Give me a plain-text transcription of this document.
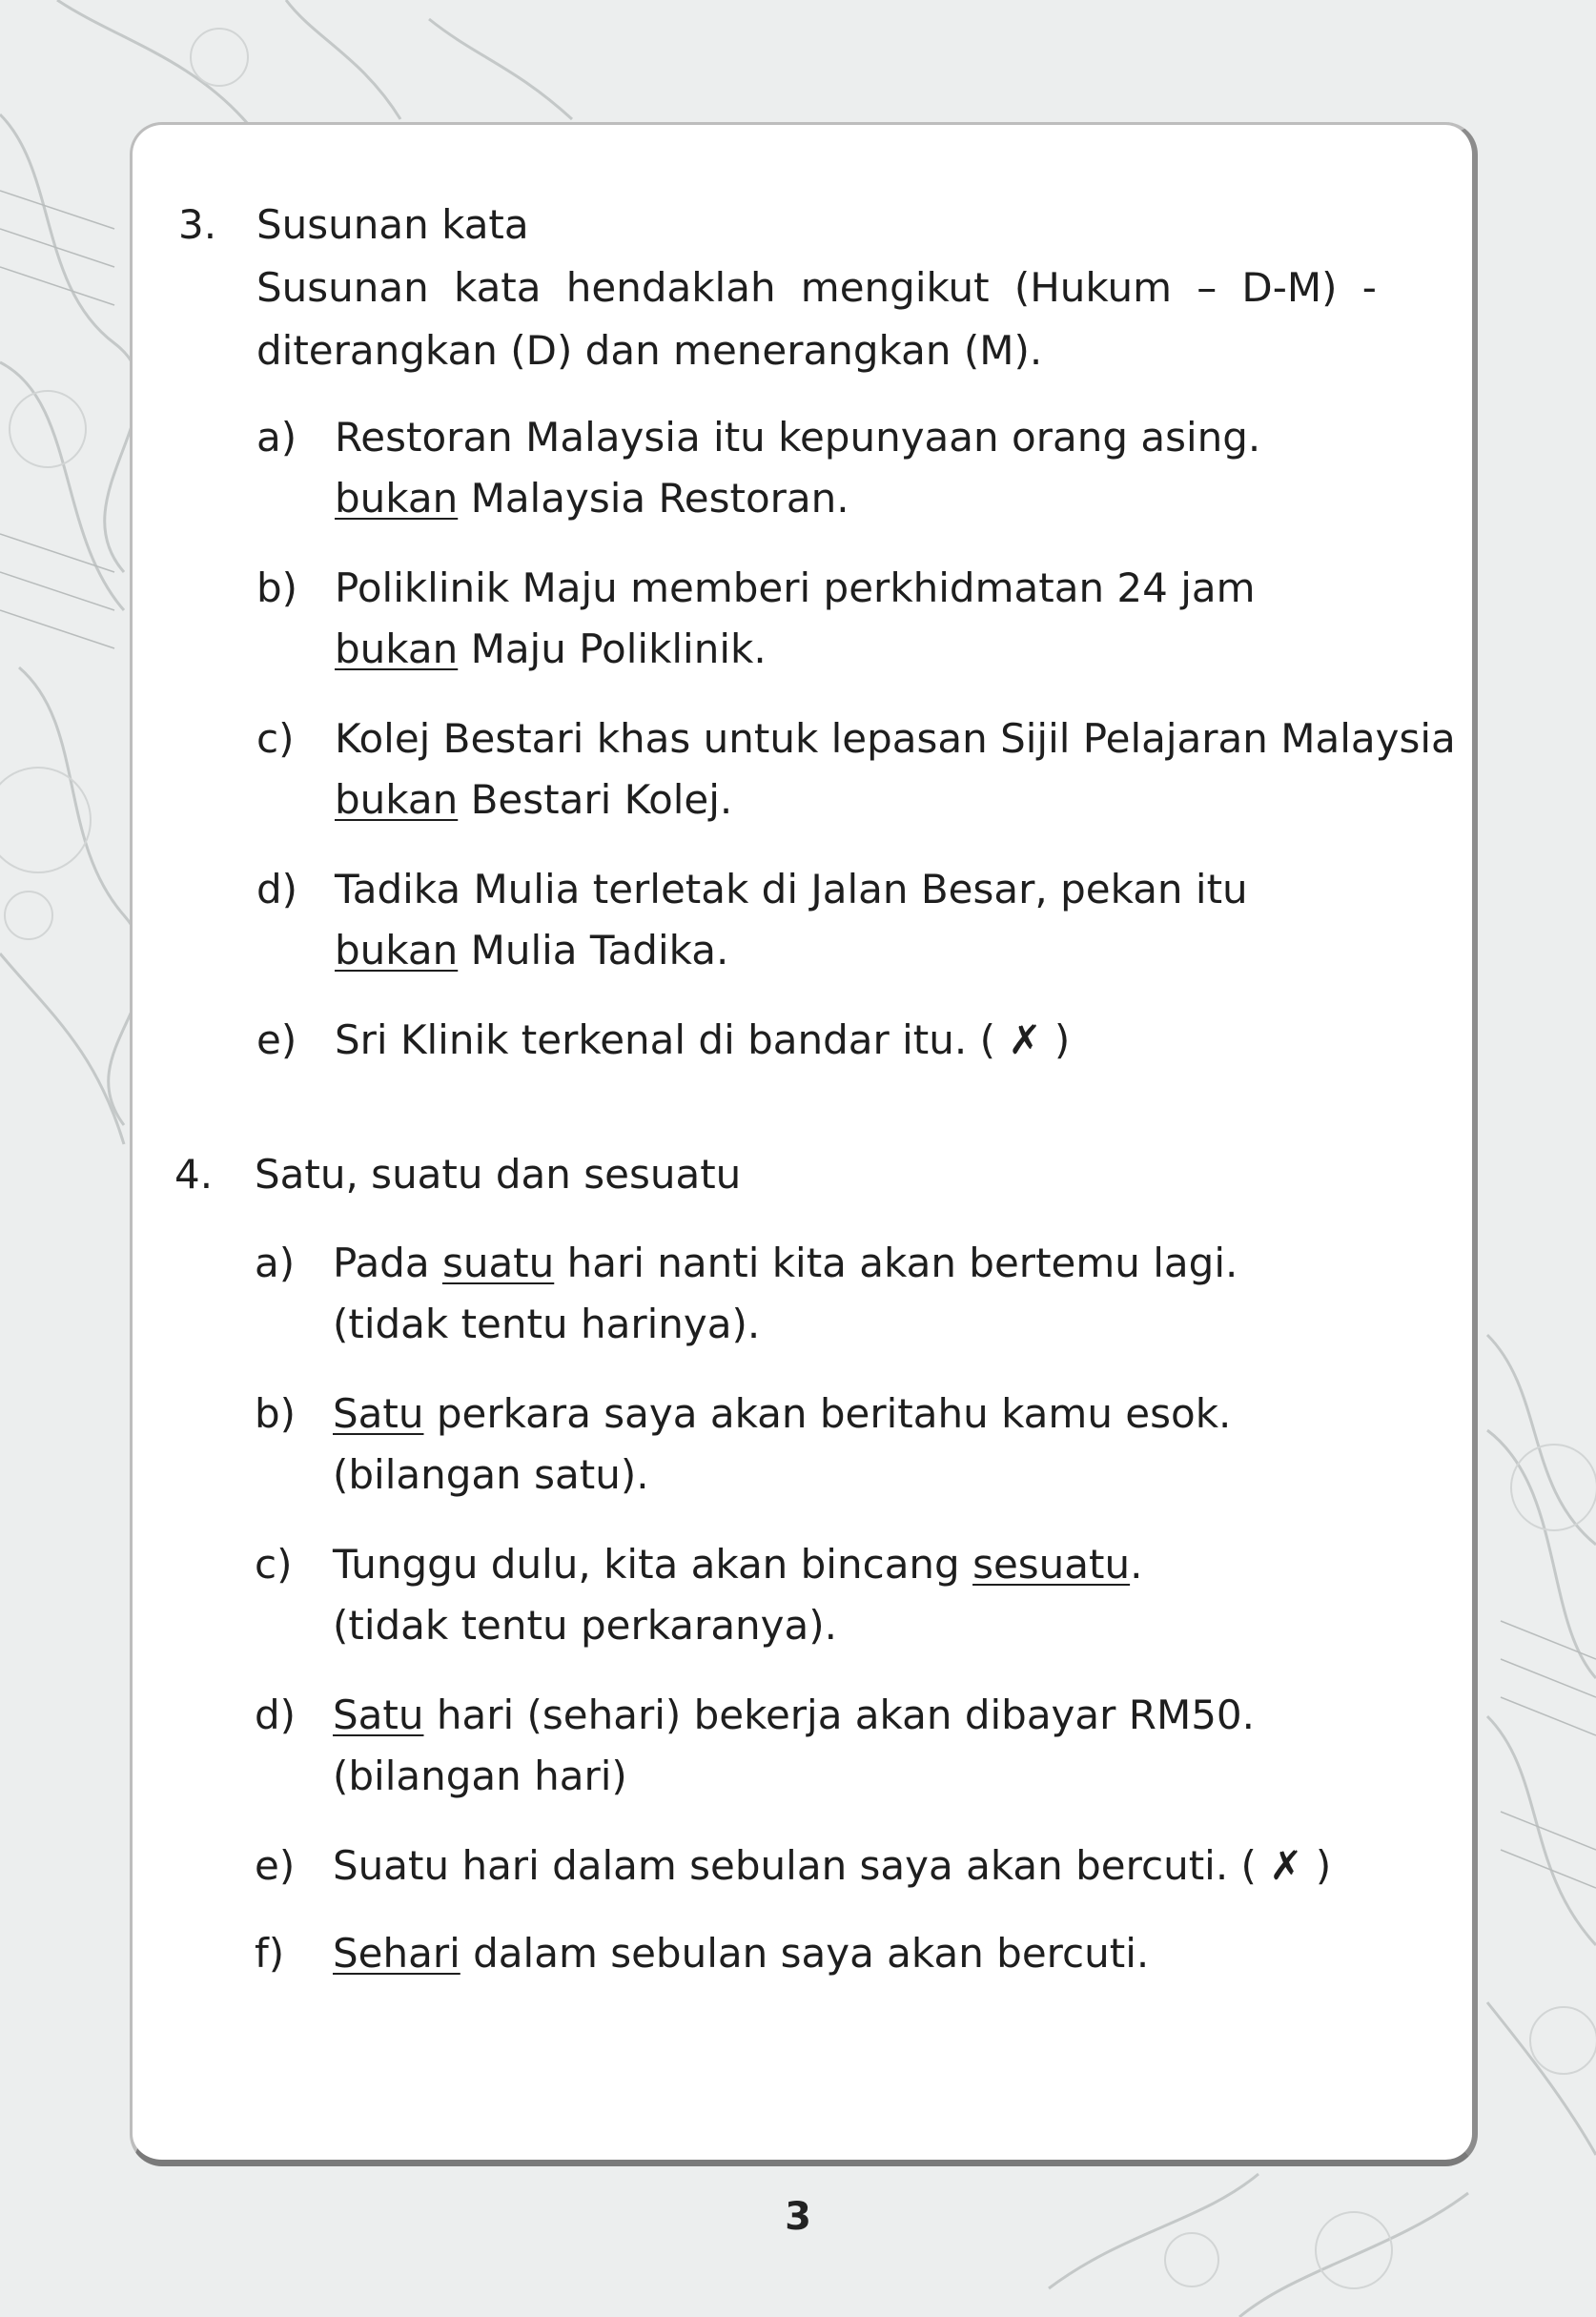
3. Susunan kata
Susunan kata hendaklah mengikut (Hukum – D-M) -
diterangkan (D) dan menerangkan (M).
a) Restoran Malaysia itu kepunyaan orang asing.
bukan Malaysia Restoran.
b) Poliklinik Maju memberi perkhidmatan 24 jam
bukan Maju Poliklinik.
c) Kolej Bestari khas untuk lepasan Sijil Pelajaran Malaysia
bukan Bestari Kolej.
d) Tadika Mulia terletak di Jalan Besar, pekan itu
bukan Mulia Tadika.
e) Sri Klinik terkenal di bandar itu. ( ✗ )
4. Satu, suatu dan sesuatu
a) Pada suatu hari nanti kita akan bertemu lagi.
(tidak tentu harinya).
b) Satu perkara saya akan beritahu kamu esok.
(bilangan satu).
c) Tunggu dulu, kita akan bincang sesuatu.
(tidak tentu perkaranya).
d) Satu hari (sehari) bekerja akan dibayar RM50.
(bilangan hari)
e) Suatu hari dalam sebulan saya akan bercuti. ( ✗ )
f) Sehari dalam sebulan saya akan bercuti.
3
